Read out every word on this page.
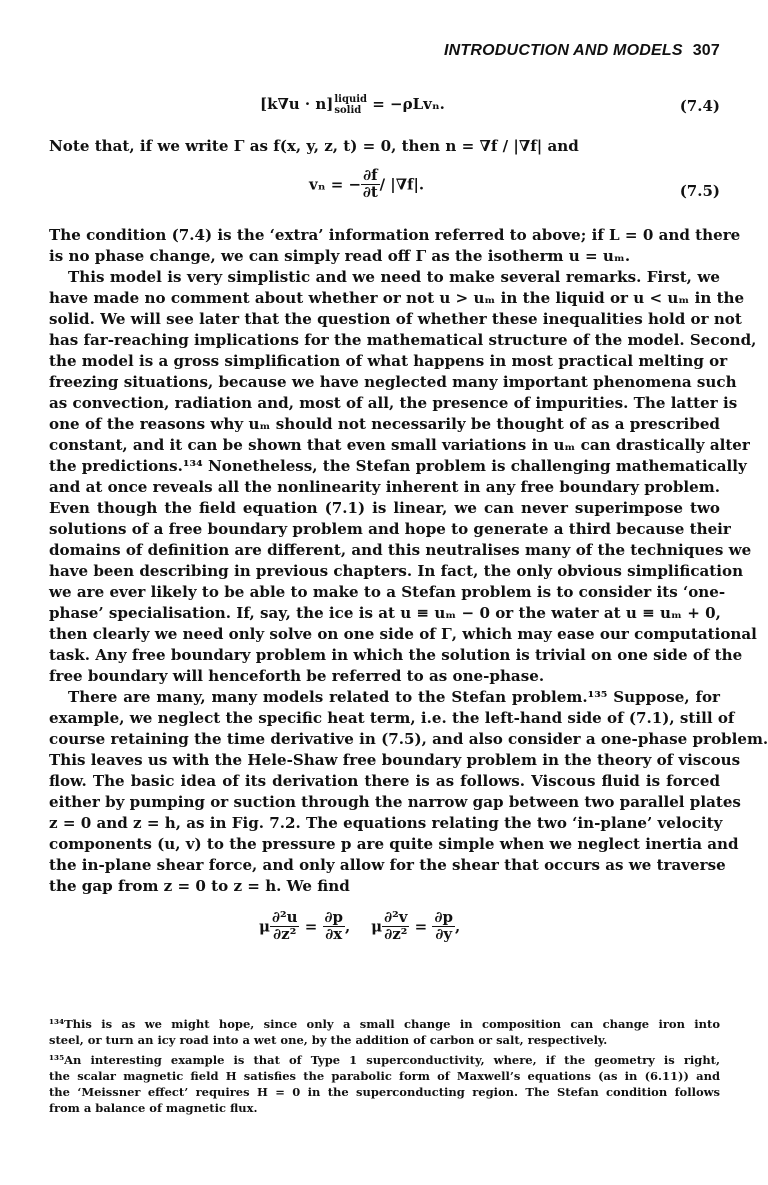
INTRODUCTION AND MODELS 307
[k∇u · n] liquid
solid = −ρLvₙ.	(7.4)
Note that, if we write Γ as f(x, y, z, t) = 0, then n = ∇f / |∇f| and
vₙ = − $\frac{\partial f}{\partial t} / |\nabla f|$.	(7.5)
The condition (7.4) is the ‘extra’ information referred to above; if L = 0 and there
is no phase change, we can simply read off Γ as the isotherm u = uₘ.
This model is very simplistic and we need to make several remarks. First, we
have made no comment about whether or not u > uₘ in the liquid or u < uₘ in the
solid. We will see later that the question of whether these inequalities hold or not
has far-reaching implications for the mathematical structure of the model. Second,
the model is a gross simplification of what happens in most practical melting or
freezing situations, because we have neglected many important phenomena such
as convection, radiation and, most of all, the presence of impurities. The latter is
one of the reasons why uₘ should not necessarily be thought of as a prescribed
constant, and it can be shown that even small variations in uₘ can drastically alter
the predictions.¹³⁴ Nonetheless, the Stefan problem is challenging mathematically
and at once reveals all the nonlinearity inherent in any free boundary problem.
Even though the field equation (7.1) is linear, we can never superimpose two
solutions of a free boundary problem and hope to generate a third because their
domains of definition are different, and this neutralises many of the techniques we
have been describing in previous chapters. In fact, the only obvious simplification
we are ever likely to be able to make to a Stefan problem is to consider its ‘one-
phase’ specialisation. If, say, the ice is at u ≡ uₘ − 0 or the water at u ≡ uₘ + 0,
then clearly we need only solve on one side of Γ, which may ease our computational
task. Any free boundary problem in which the solution is trivial on one side of the
free boundary will henceforth be referred to as one-phase.
There are many, many models related to the Stefan problem.¹³⁵ Suppose, for
example, we neglect the specific heat term, i.e. the left-hand side of (7.1), still of
course retaining the time derivative in (7.5), and also consider a one-phase problem.
This leaves us with the Hele-Shaw free boundary problem in the theory of viscous
flow. The basic idea of its derivation there is as follows. Viscous fluid is forced
either by pumping or suction through the narrow gap between two parallel plates
z = 0 and z = h, as in Fig. 7.2. The equations relating the two ‘in-plane’ velocity
components (u, v) to the pressure p are quite simple when we neglect inertia and
the in-plane shear force, and only allow for the shear that occurs as we traverse
the gap from z = 0 to z = h. We find
μ $\frac{\text{∂²u}}{\text{∂z²}} = \frac{\partial p}{\partial x}$ ,    μ $\frac{\text{∂²v}}{\text{∂z²}} = \frac{\partial p}{\partial y}$ ,
¹³⁴This is as we might hope, since only a small change in composition can change iron into
steel, or turn an icy road into a wet one, by the addition of carbon or salt, respectively.
¹³⁵An interesting example is that of Type 1 superconductivity, where, if the geometry is right,
the scalar magnetic field H satisfies the parabolic form of Maxwell’s equations (as in (6.11)) and
the ‘Meissner effect’ requires H = 0 in the superconducting region. The Stefan condition follows
from a balance of magnetic flux.
